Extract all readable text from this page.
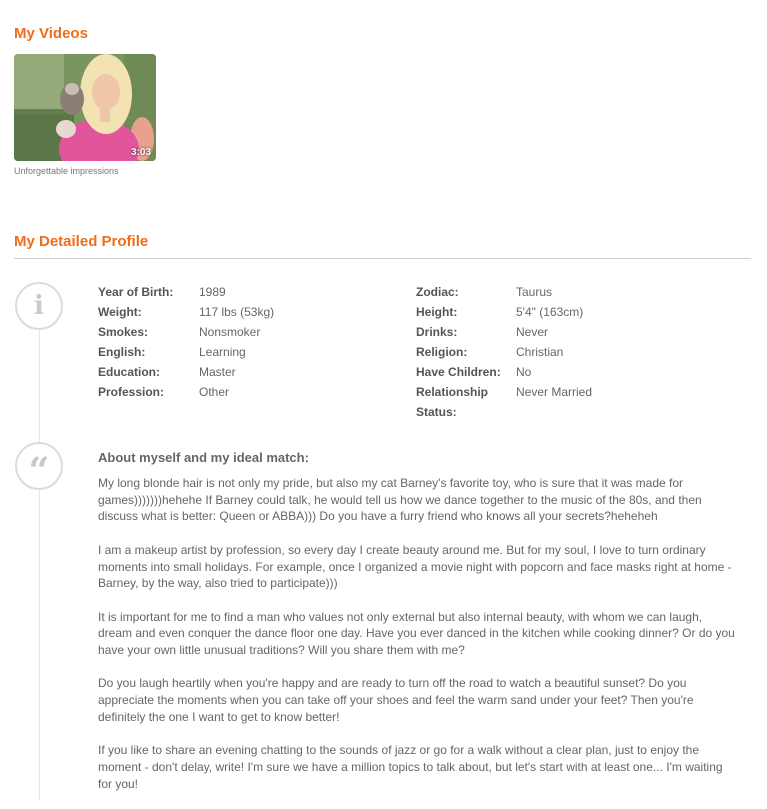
My Videos
3:03
Unforgettable impressions
My Detailed Profile
i
“
Year of Birth:	1989
Weight:	117 lbs (53kg)
Smokes:	Nonsmoker
English:	Learning
Education:	Master
Profession:	Other
Zodiac:	Taurus
Height:	5'4" (163cm)
Drinks:	Never
Religion:	Christian
Have Children:	No
Relationship Status:
Never Married
About myself and my ideal match:

My long blonde hair is not only my pride, but also my cat Barney's favorite toy, who is sure that it was made for games)))))))hehehe If Barney could talk, he would tell us how we dance together to the music of the 80s, and then discuss what is better: Queen or ABBA))) Do you have a furry friend who knows all your secrets?heheheh

I am a makeup artist by profession, so every day I create beauty around me. But for my soul, I love to turn ordinary moments into small holidays. For example, once I organized a movie night with popcorn and face masks right at home - Barney, by the way, also tried to participate)))

It is important for me to find a man who values not only external but also internal beauty, with whom we can laugh, dream and even conquer the dance floor one day. Have you ever danced in the kitchen while cooking dinner? Or do you have your own little unusual traditions? Will you share them with me?

Do you laugh heartily when you're happy and are ready to turn off the road to watch a beautiful sunset? Do you appreciate the moments when you can take off your shoes and feel the warm sand under your feet? Then you're definitely the one I want to get to know better!

If you like to share an evening chatting to the sounds of jazz or go for a walk without a clear plan, just to enjoy the moment - don't delay, write! I'm sure we have a million topics to talk about, but let's start with at least one... I'm waiting for you!
